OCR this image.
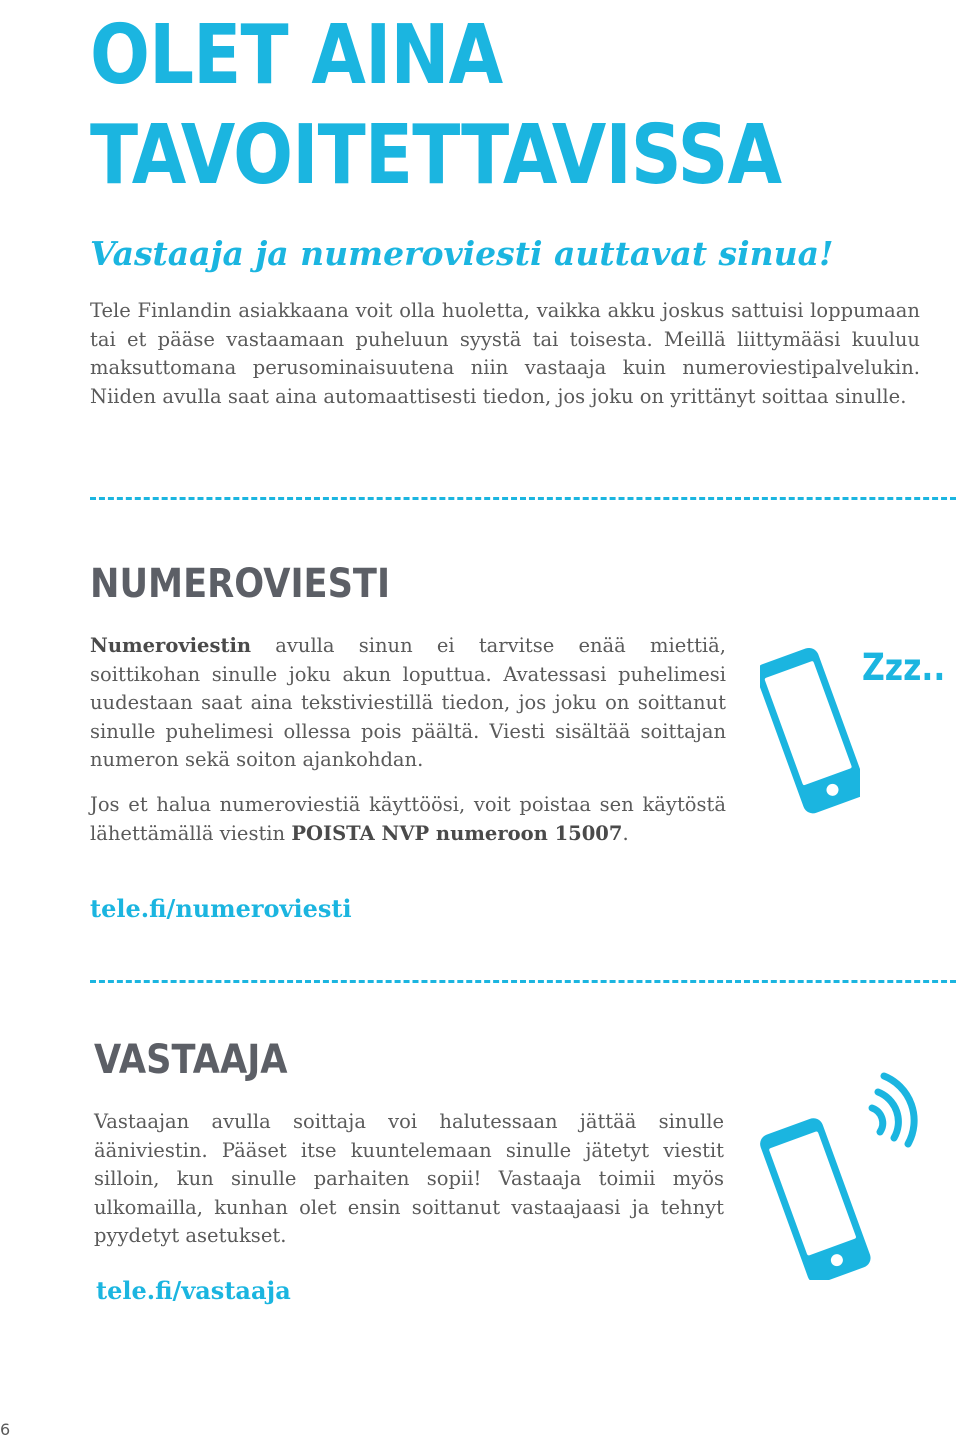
OLET AINA
TAVOITETTAVISSA
Vastaaja ja numeroviesti auttavat sinua!

Tele Finlandin asiakkaana voit olla huoletta, vaikka akku joskus sattuisi loppumaan tai et pääse vastaamaan puheluun syystä tai toisesta. Meillä liittymääsi kuuluu maksuttomana perusominaisuutena niin vastaaja kuin numeroviestipalvelukin. Niiden avulla saat aina automaattisesti tiedon, jos joku on yrittänyt soittaa sinulle.

NUMEROVIESTI

Numeroviestin avulla sinun ei tarvitse enää miettiä, soittikohan sinulle joku akun loputtua. Avatessasi puhelimesi uudestaan saat aina tekstiviestillä tiedon, jos joku on soittanut sinulle puhelimesi ollessa pois päältä. Viesti sisältää soittajan numeron sekä soiton ajankohdan.

Jos et halua numeroviestiä käyttöösi, voit poistaa sen käytöstä lähettämällä viestin POISTA NVP numeroon 15007.

tele.fi/numeroviesti
Zzz..
VASTAAJA

Vastaajan avulla soittaja voi halutessaan jättää sinulle ääniviestin. Pääset itse kuuntelemaan sinulle jätetyt viestit silloin, kun sinulle parhaiten sopii! Vastaaja toimii myös ulkomailla, kunhan olet ensin soittanut vastaajaasi ja tehnyt pyydetyt asetukset.

tele.fi/vastaaja
6
